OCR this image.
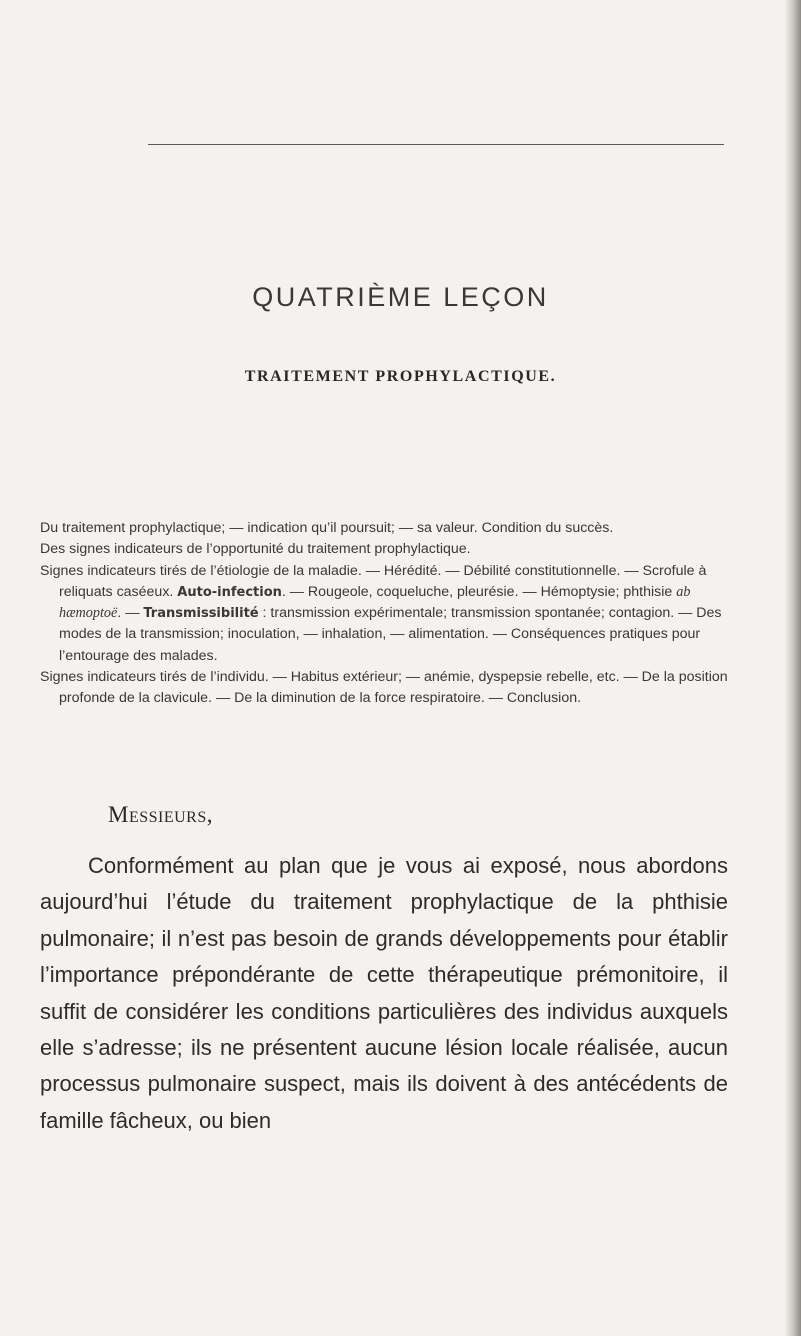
QUATRIÈME LEÇON
TRAITEMENT PROPHYLACTIQUE.
Du traitement prophylactique; — indication qu’il poursuit; — sa valeur. Condition du succès.
Des signes indicateurs de l’opportunité du traitement prophylactique.
Signes indicateurs tirés de l’étiologie de la maladie. — Hérédité. — Débilité constitutionnelle. — Scrofule à reliquats caséeux. Auto-infection. — Rougeole, coqueluche, pleurésie. — Hémoptysie; phthisie ab hæmoptoë. — Transmissibilité : transmission expérimentale; transmission spontanée; contagion. — Des modes de la transmission; inoculation, — inhalation, — alimentation. — Conséquences pratiques pour l’entourage des malades.
Signes indicateurs tirés de l’individu. — Habitus extérieur; — anémie, dyspepsie rebelle, etc. — De la position profonde de la clavicule. — De la diminution de la force respiratoire. — Conclusion.

Messieurs,

Conformément au plan que je vous ai exposé, nous abordons aujourd’hui l’étude du traitement prophylactique de la phthisie pulmonaire; il n’est pas besoin de grands développements pour établir l’importance prépondérante de cette thérapeutique prémonitoire, il suffit de considérer les conditions particulières des individus auxquels elle s’adresse; ils ne présentent aucune lésion locale réalisée, aucun processus pulmonaire suspect, mais ils doivent à des antécédents de famille fâcheux, ou bien
